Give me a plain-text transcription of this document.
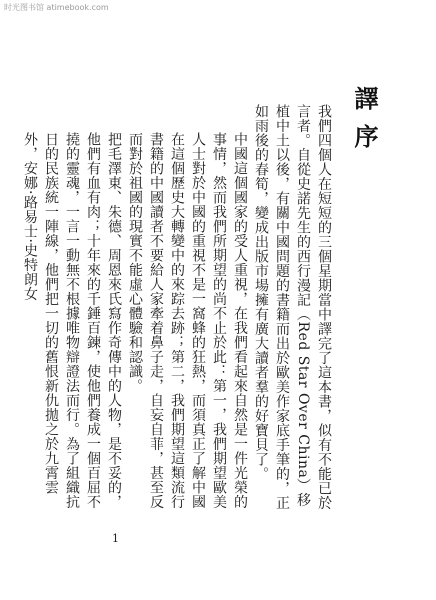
时光图书馆 atimebook.com
譯序

我們四個人在短短的三個星期當中譯完了這本書，似有不能已於言者。自從史諾先生的西行漫記（Red Star Over China）移植中土以後，有關中國問題的書籍而出於歐美作家底手筆的，正如雨後的春筍，變成出版市場擁有廣大讀者羣的好寶貝了。

中國這個國家的受人重視，在我們看起來自然是一件光榮的事情，然而我們所期望的尚不止於此：第一，我們期望歐美人士對於中國的重視不是一窩蜂的狂熱，而須真正了解中國在這個歷史大轉變中的來踪去跡；第二，我們期望這類流行書籍的中國讀者不要給人家牽着鼻子走，自妄自菲，甚至反而對於祖國的現實不能虛心體驗和認識。

把毛澤東、朱德、周恩來氏寫作奇傳中的人物，是不妥的，他們有血有肉；十年來的千錘百鍊，使他們養成一個百屈不撓的靈魂，一言一動無不根據唯物辯證法而行。為了組織抗日的民族統一陣線，他們把一切的舊恨新仇拋之於九霄雲外，安娜·路易士·史特朗女

1
